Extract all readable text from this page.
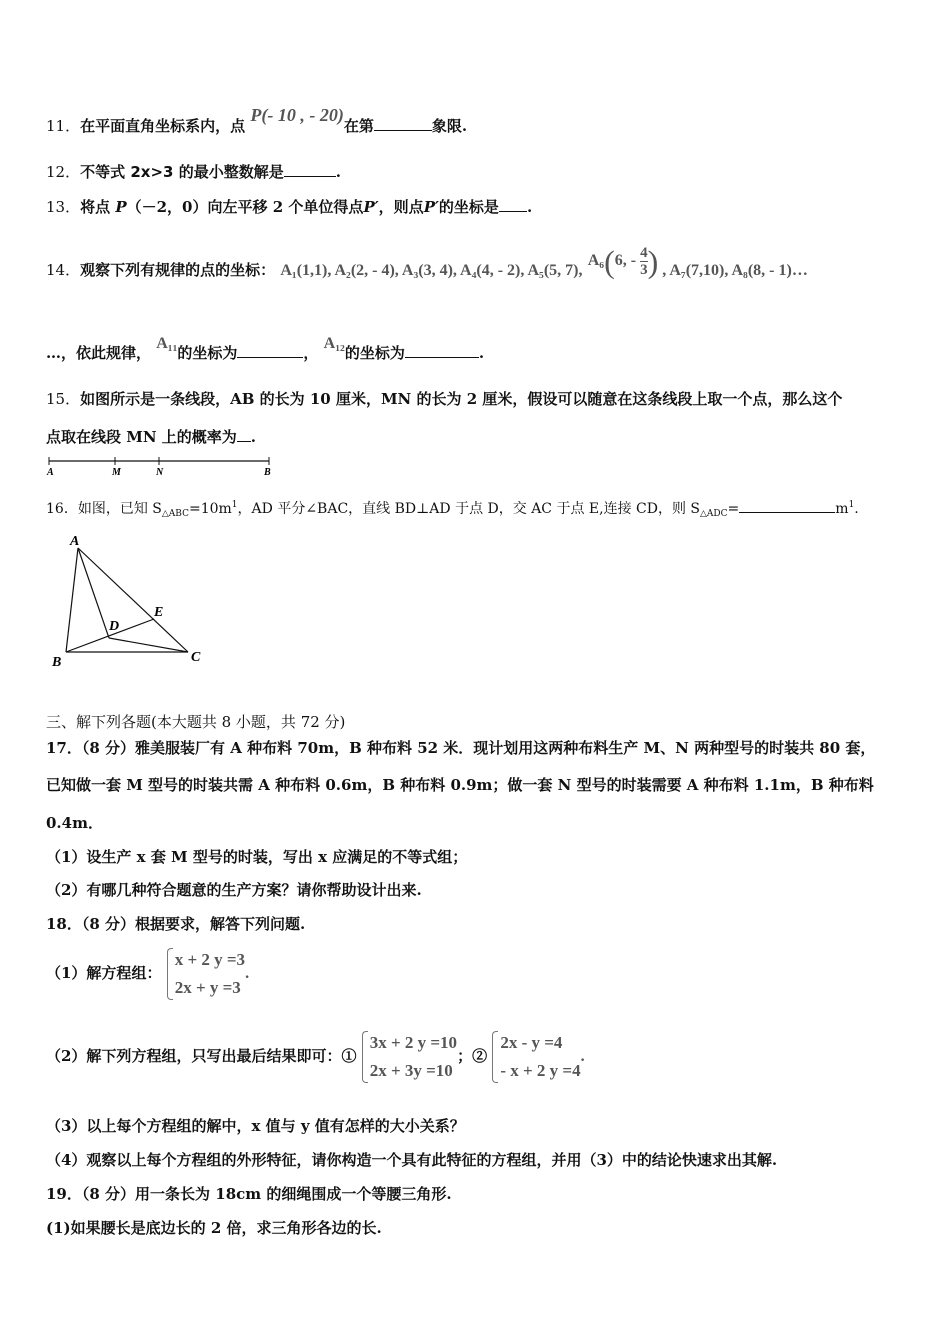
11．在平面直角坐标系内，点 P(- 10 , - 20)在第	象限.
12．不等式 2x>3 的最小整数解是	.
13．将点 P（－2，0）向左平移 2 个单位得点P′，则点P′的坐标是 .
14．观察下列有规律的点的坐标： A₁(1,1), A₂(2, - 4), A₃(3, 4), A₄(4, - 2), A₅(5, 7), A₆(6, - $\frac{4}{3}$ ) , A₇(7,10), A₈(8, - 1)…
…，依此规律， A₁₁的坐标为	， A₁₂的坐标为	.
15．如图所示是一条线段，AB 的长为 10 厘米，MN 的长为 2 厘米，假设可以随意在这条线段上取一个点，那么这个
点取在线段 MN 上的概率为 .
A	M	N	B
16．如图，已知 $S_{\triangle ABC}=10m^1$，AD 平分∠BAC，直线 BD⊥AD 于点 D，交 AC 于点 E,连接 CD，则 $S_{\triangle ADC}=$	$m^1$.
A
B	C
D
E
三、解下列各题(本大题共 8 小题，共 72 分)
17．（8 分）雅美服装厂有 A 种布料 70m，B 种布料 52 米．现计划用这两种布料生产 M、N 两种型号的时装共 80 套，
已知做一套 M 型号的时装共需 A 种布料 0.6m，B 种布料 0.9m；做一套 N 型号的时装需要 A 种布料 1.1m，B 种布料
0.4m．
（1）设生产 x 套 M 型号的时装，写出 x 应满足的不等式组；
（2）有哪几种符合题意的生产方案？请你帮助设计出来.
18．（8 分）根据要求，解答下列问题.
（1）解方程组：
x + 2 y =3
2x + y =3
.
（2）解下列方程组，只写出最后结果即可：①
3x + 2 y =10
2x + 3y =10
；②
2x - y =4
- x + 2 y =4
.
（3）以上每个方程组的解中，x 值与 y 值有怎样的大小关系？
（4）观察以上每个方程组的外形特征，请你构造一个具有此特征的方程组，并用（3）中的结论快速求出其解.
19．（8 分）用一条长为 18cm 的细绳围成一个等腰三角形.
(1)如果腰长是底边长的 2 倍，求三角形各边的长.
